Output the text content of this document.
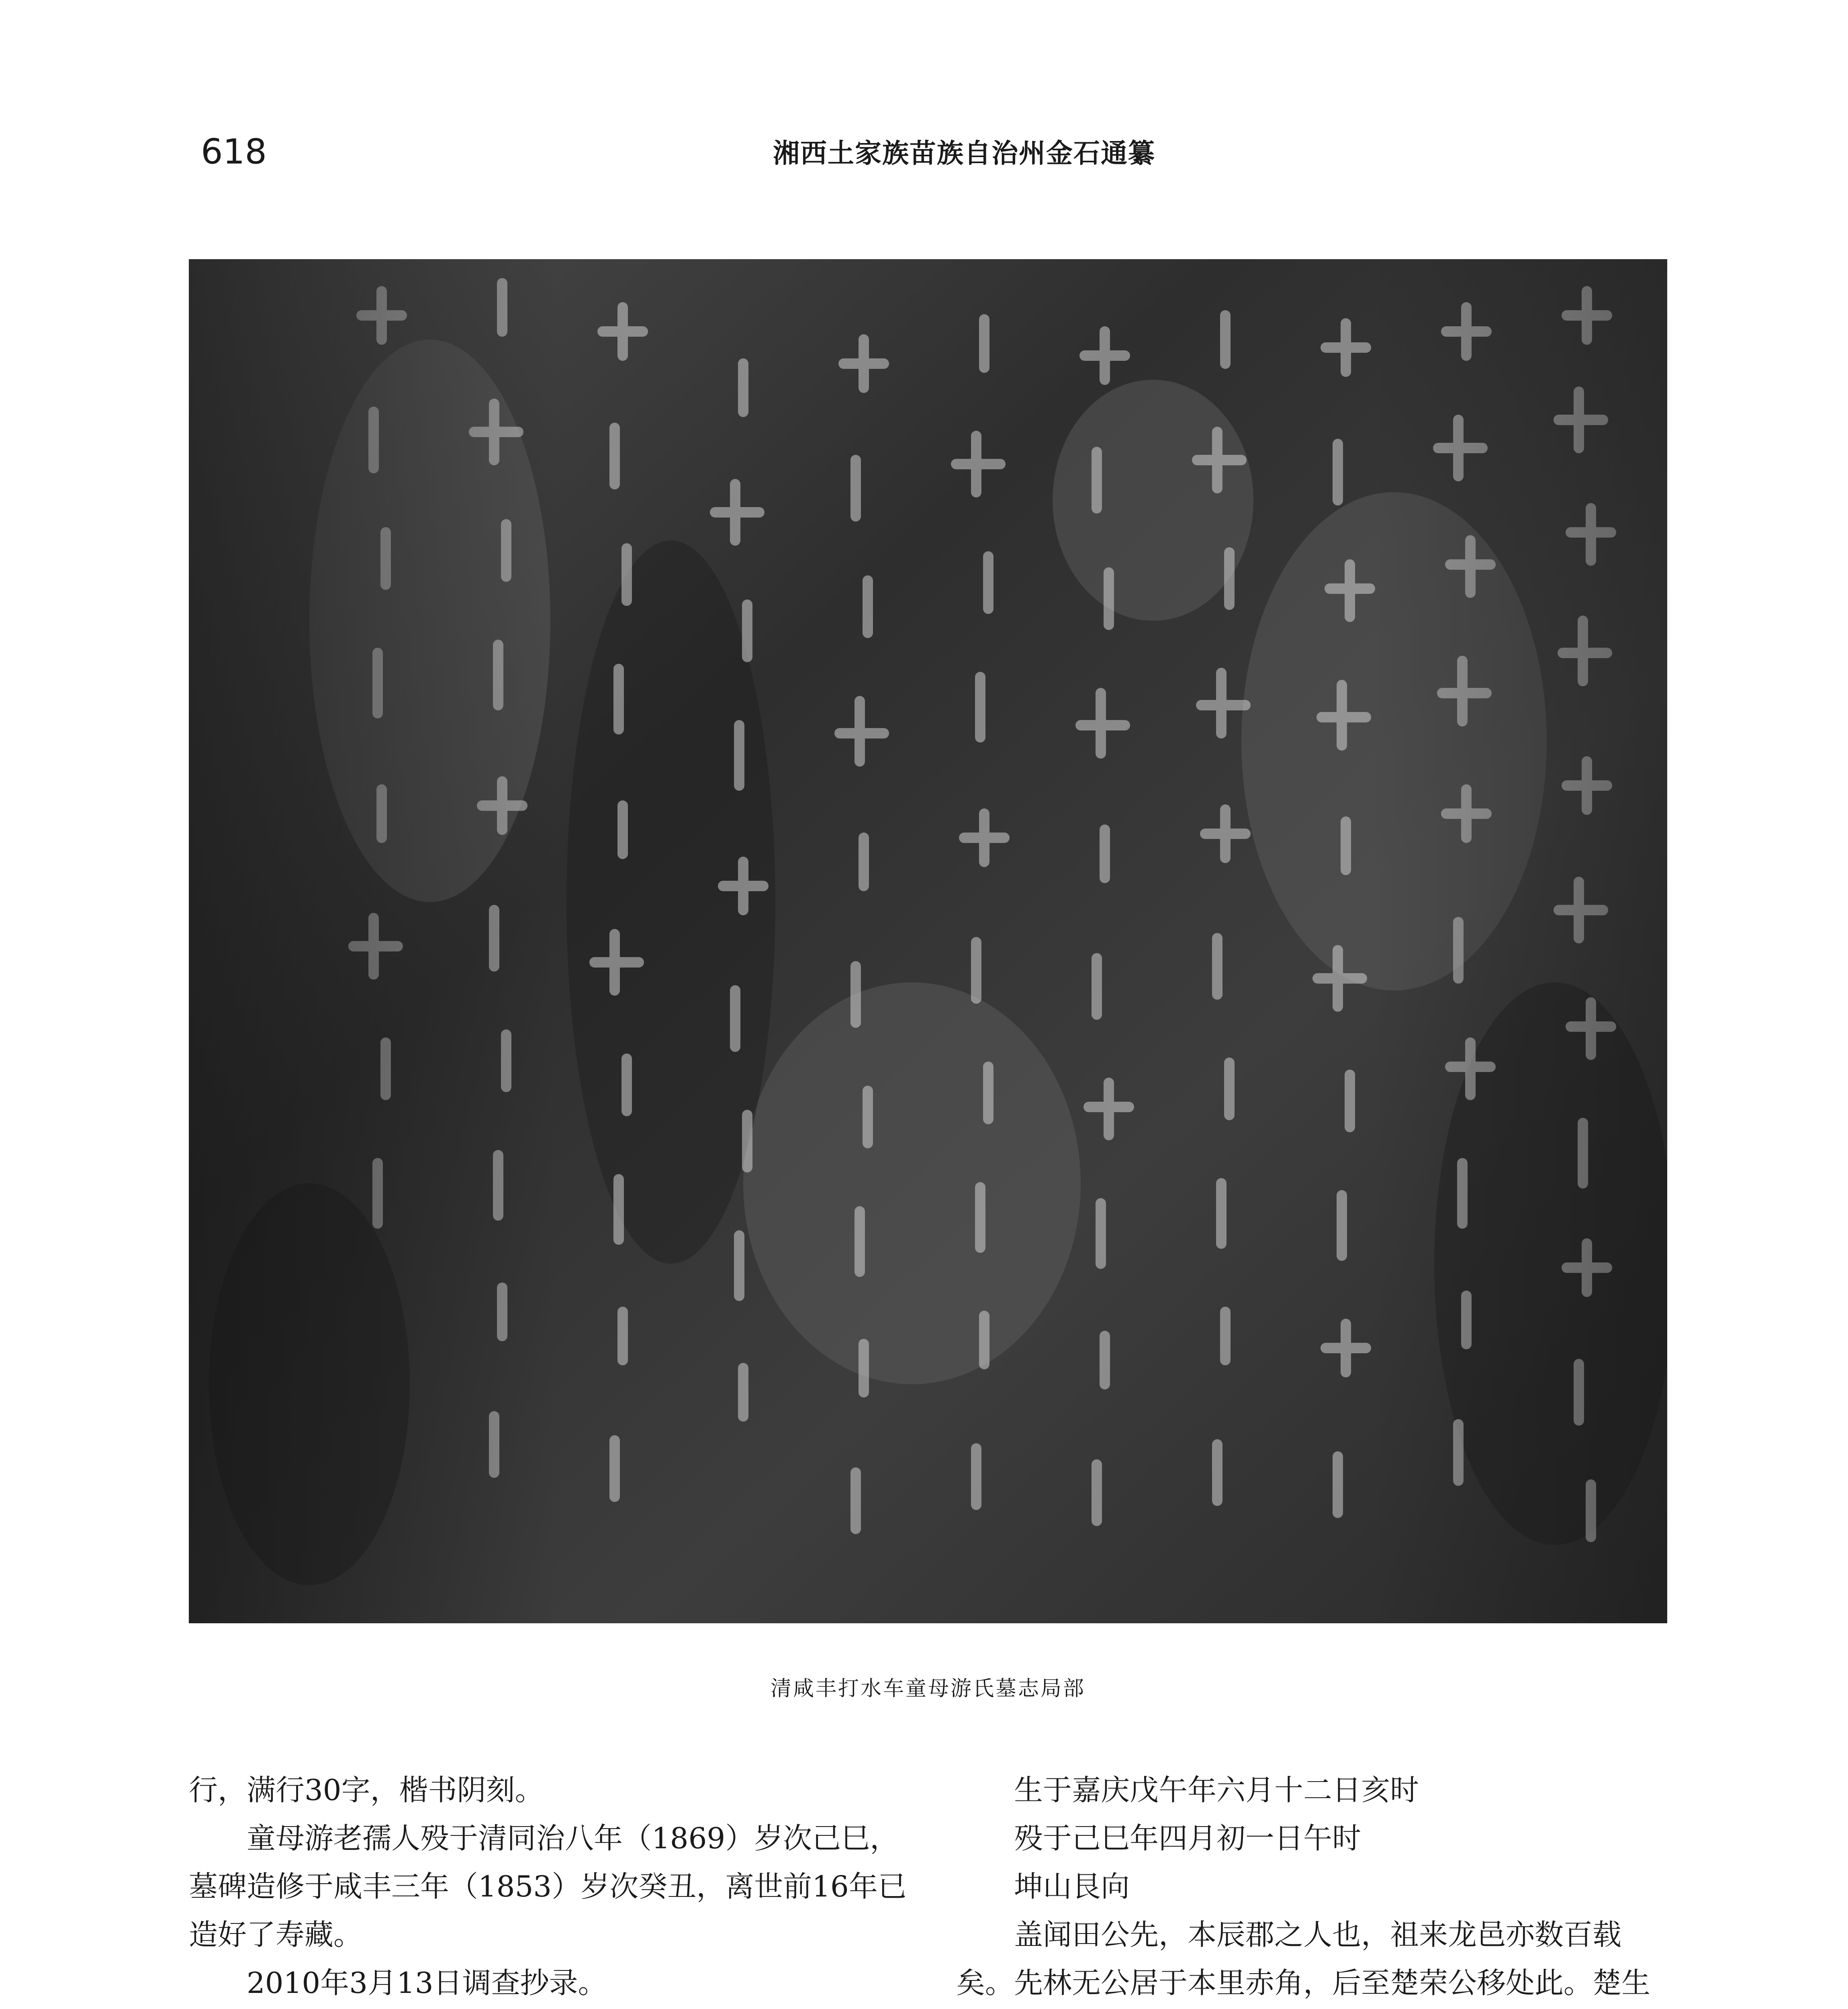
618	湘西土家族苗族自治州金石通纂
清咸丰打水车童母游氏墓志局部

行，满行30字，楷书阴刻。

童母游老孺人殁于清同治八年（1869）岁次己巳，墓碑造修于咸丰三年（1853）岁次癸丑，离世前16年已造好了寿藏。

2010年3月13日调查抄录。

生于嘉庆戊午年六月十二日亥时

殁于己巳年四月初一日午时

坤山艮向

盖闻田公先，本辰郡之人也，祖来龙邑亦数百载矣。先林无公居于本里赤角，后至楚荣公移处此。楚生
